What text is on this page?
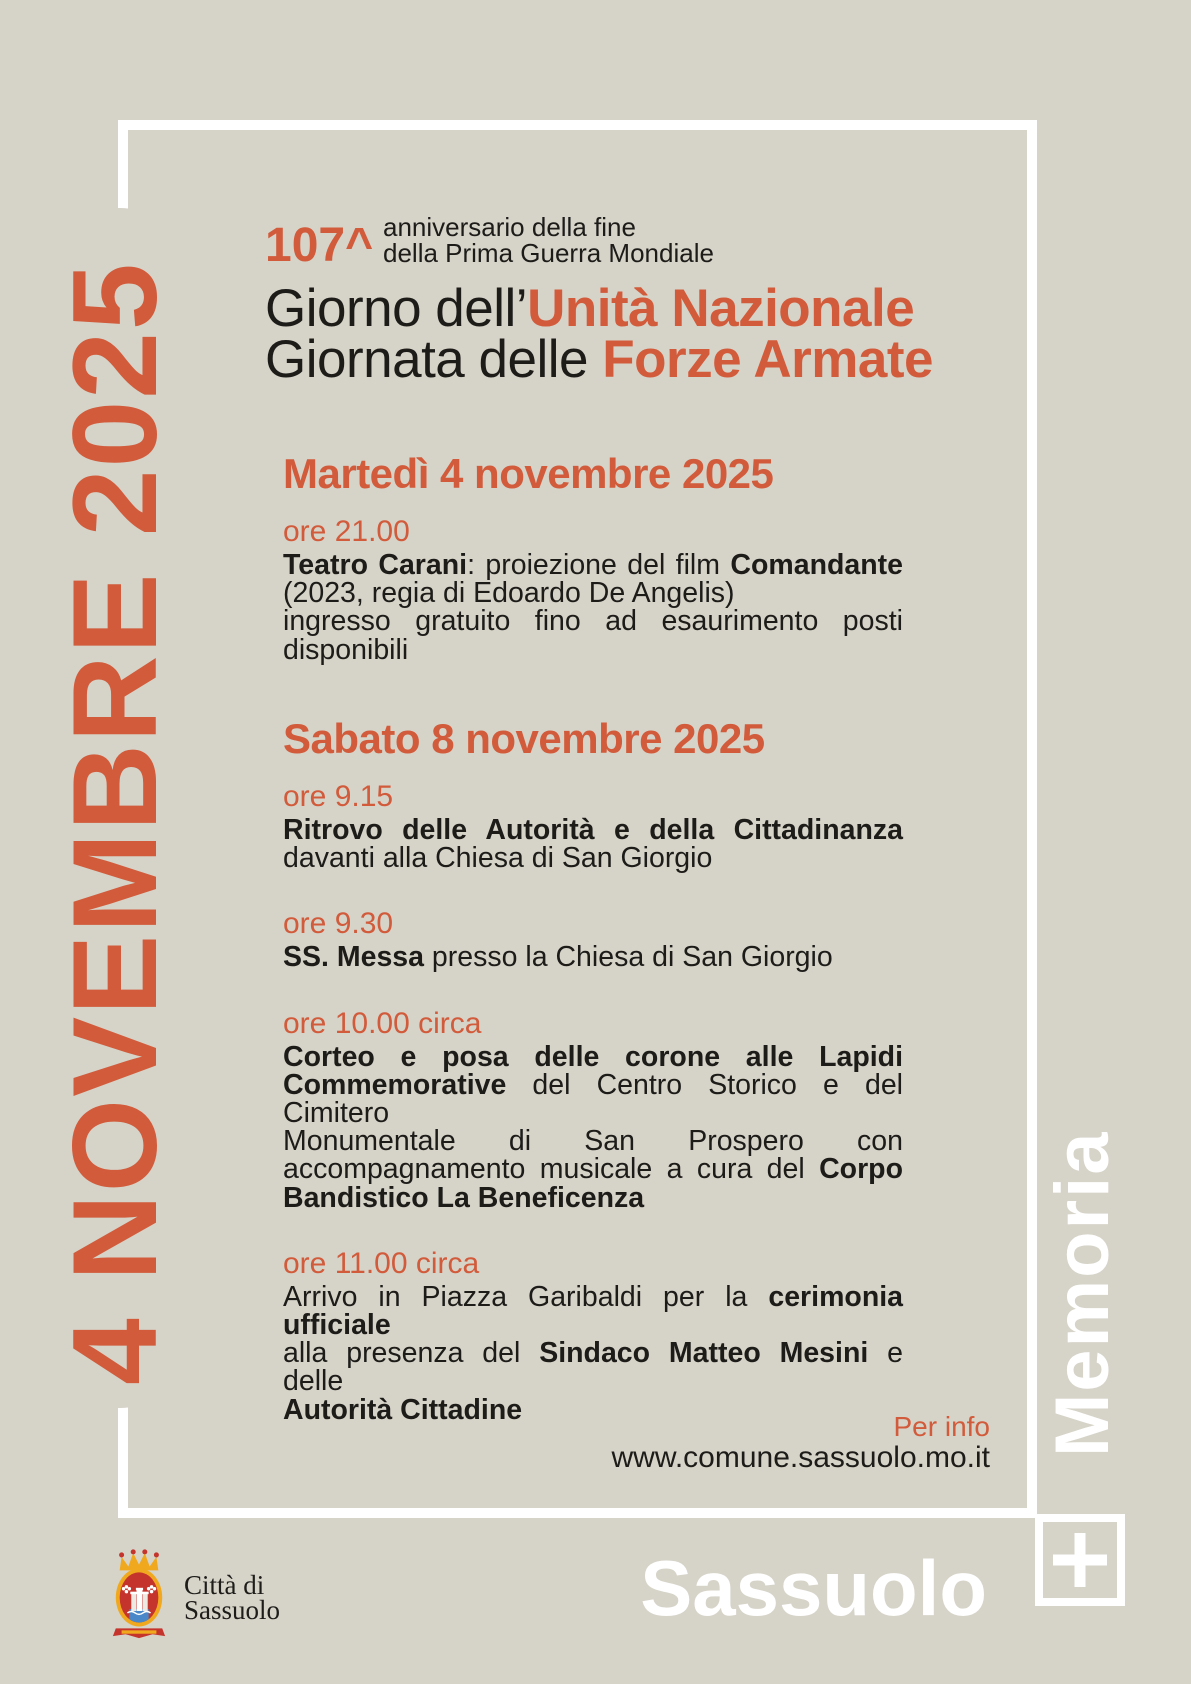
4 NOVEMBRE 2025	Memoria
107^ anniversario della fine
della Prima Guerra Mondiale
Giorno dell’Unità Nazionale
Giornata delle Forze Armate
Martedì 4 novembre 2025
ore 21.00
Teatro Carani: proiezione del film Comandante
(2023, regia di Edoardo De Angelis)
ingresso gratuito fino ad esaurimento posti
disponibili
Sabato 8 novembre 2025
ore 9.15
Ritrovo delle Autorità e della Cittadinanza
davanti alla Chiesa di San Giorgio
ore 9.30
SS. Messa presso la Chiesa di San Giorgio
ore 10.00 circa
Corteo e posa delle corone alle Lapidi
Commemorative del Centro Storico e del Cimitero
Monumentale di San Prospero con
accompagnamento musicale a cura del Corpo
Bandistico La Beneficenza
ore 11.00 circa
Arrivo in Piazza Garibaldi per la cerimonia ufficiale
alla presenza del Sindaco Matteo Mesini e delle
Autorità Cittadine
Per info
www.comune.sassuolo.mo.it
Sassuolo
Città di
Sassuolo
